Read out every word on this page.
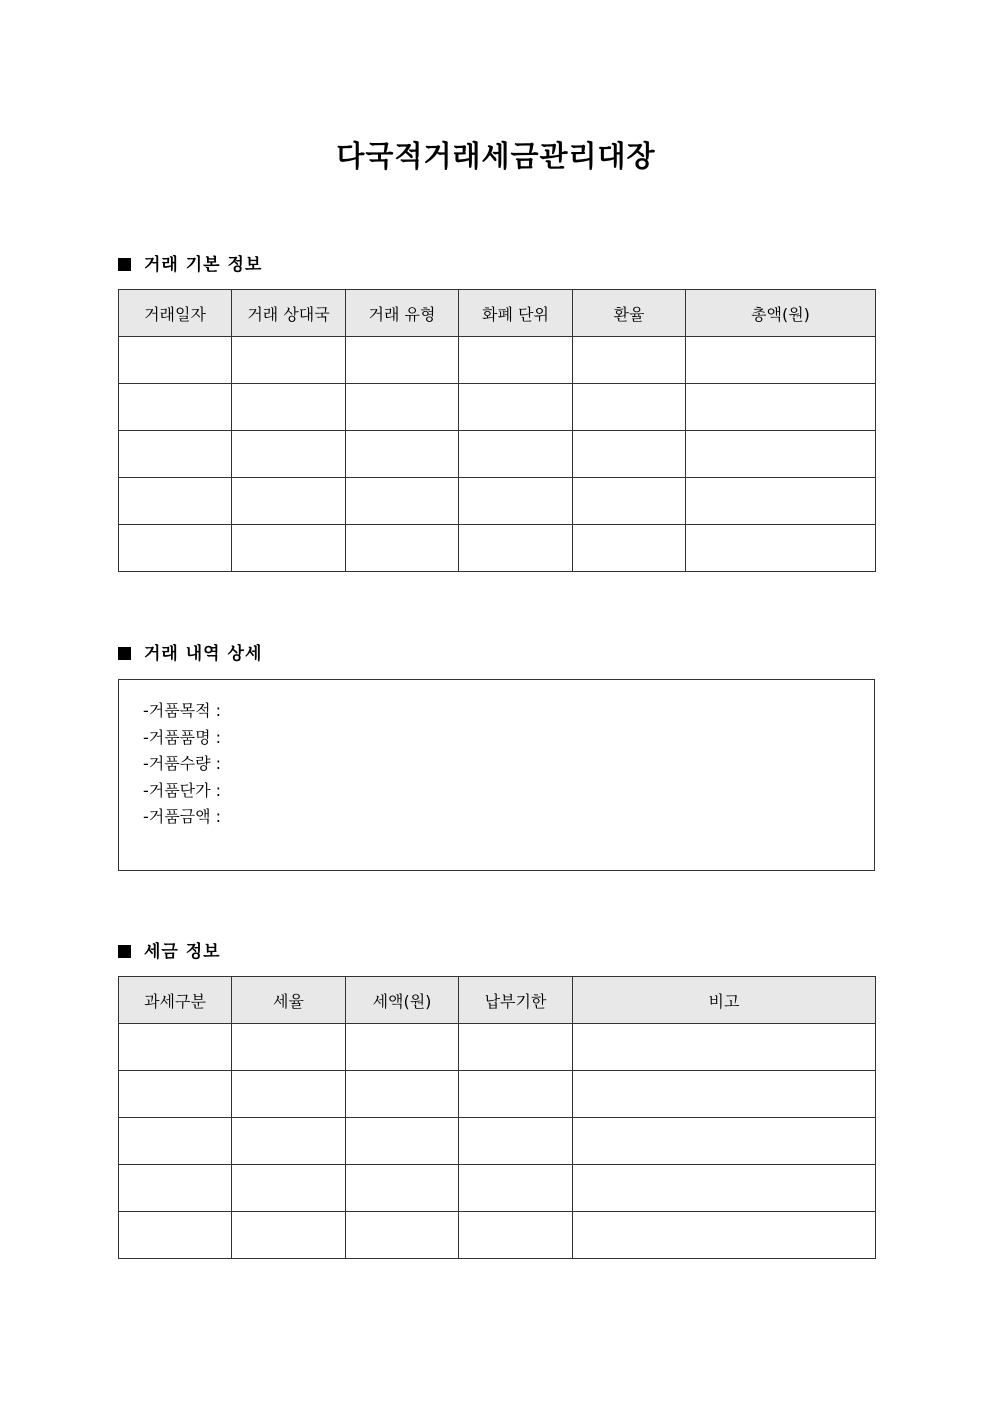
다국적거래세금관리대장
거래 기본 정보
거래일자	거래 상대국	거래 유형	화폐 단위	환율	총액(원)

거래 내역 상세
-거품목적 :
-거품품명 :
-거품수량 :
-거품단가 :
-거품금액 :
세금 정보
과세구분	세율	세액(원)	납부기한	비고
